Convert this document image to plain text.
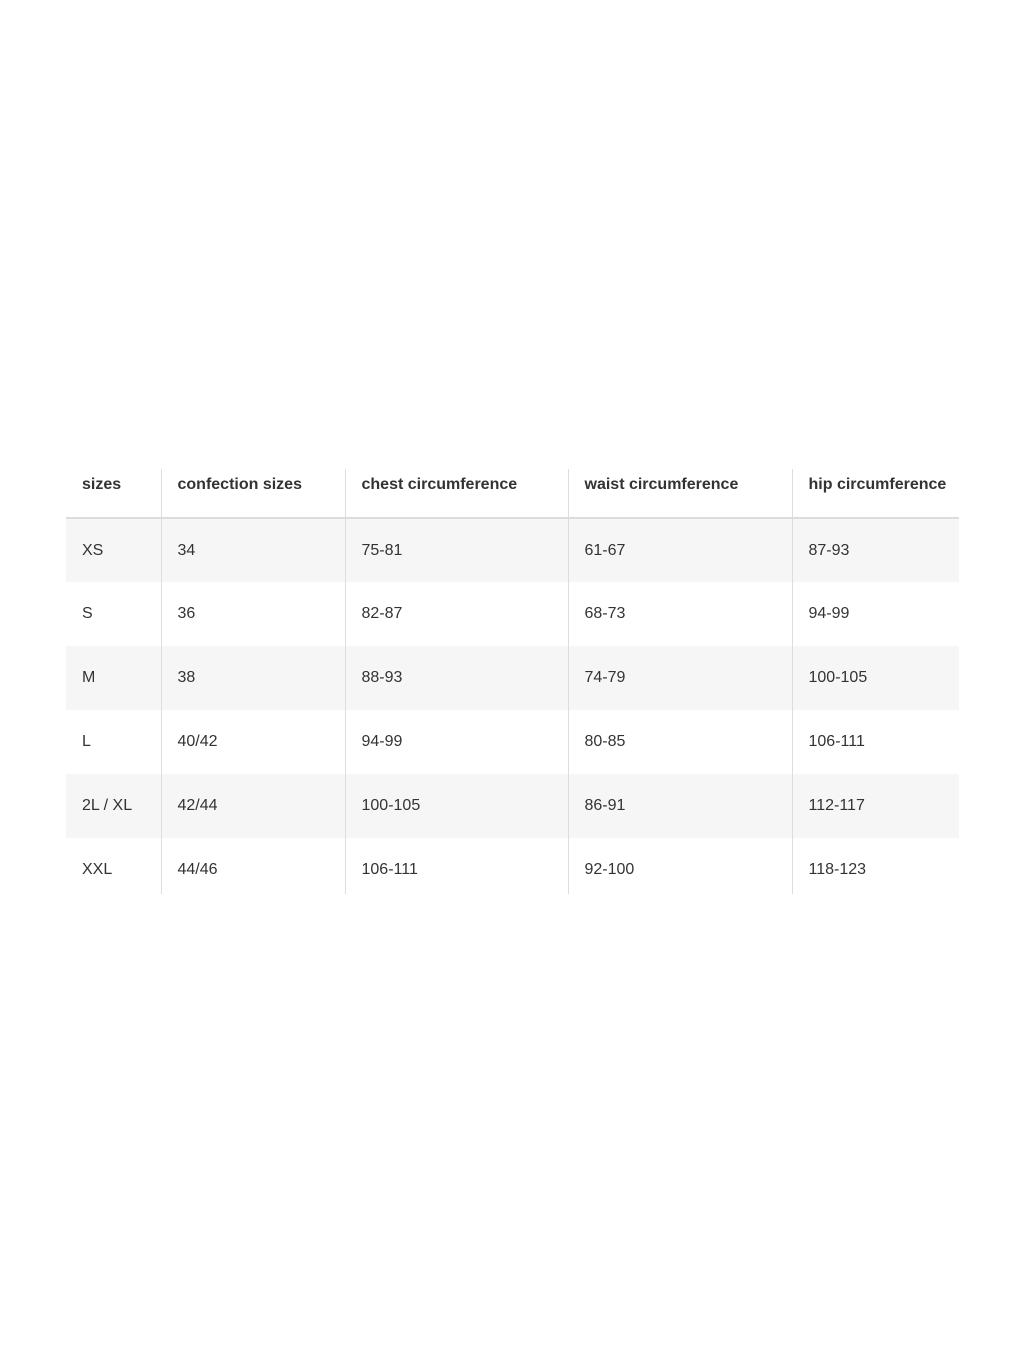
sizes	confection sizes	chest circumference	waist circumference	hip circumference

XS	34	75-81	61-67	87-93
S	36	82-87	68-73	94-99
M	38	88-93	74-79	100-105
L	40/42	94-99	80-85	106-111
2L / XL	42/44	100-105	86-91	112-117
XXL	44/46	106-111	92-100	118-123
